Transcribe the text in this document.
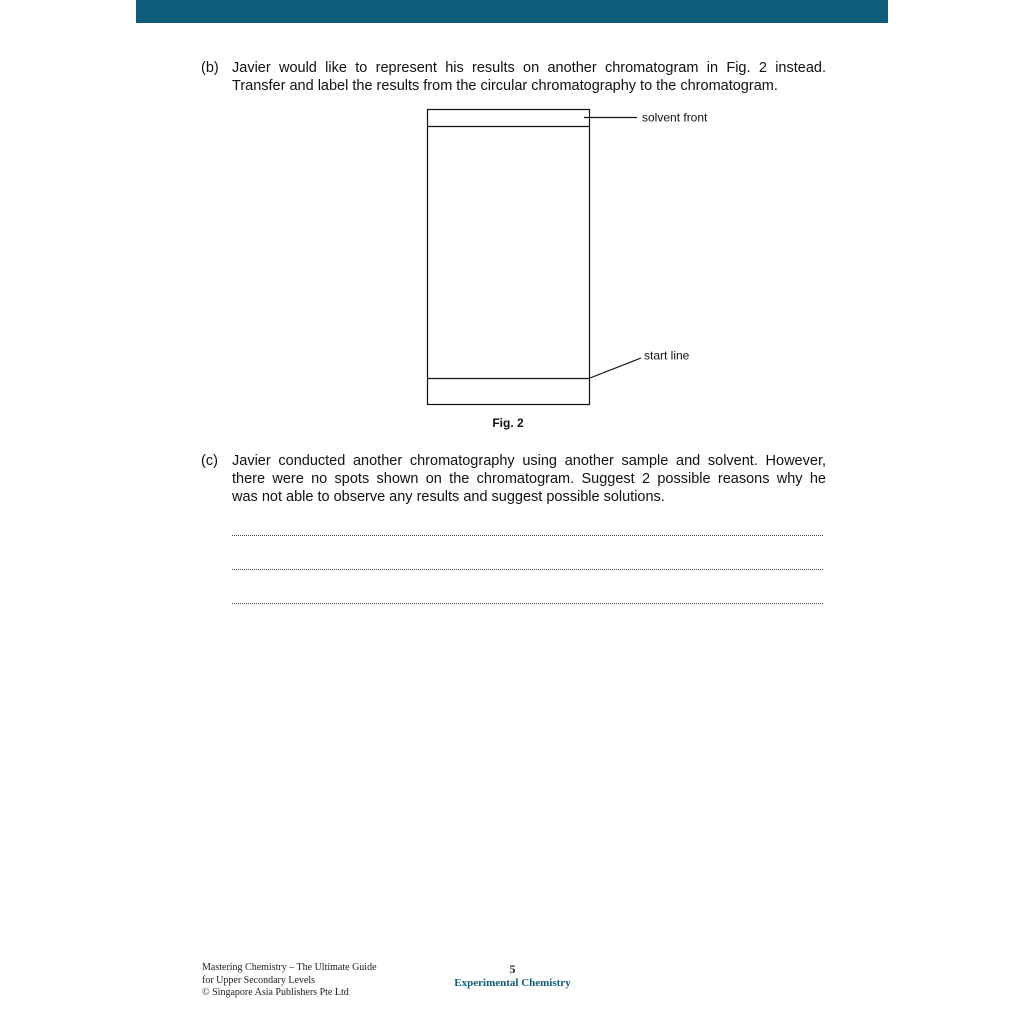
(b) Javier would like to represent his results on another chromatogram in Fig. 2 instead.
Transfer and label the results from the circular chromatography to the chromatogram.
solvent front
start line
Fig. 2
(c) Javier conducted another chromatography using another sample and solvent. However,
there were no spots shown on the chromatogram. Suggest 2 possible reasons why he
was not able to observe any results and suggest possible solutions.
Mastering Chemistry – The Ultimate Guide
for Upper Secondary Levels
© Singapore Asia Publishers Pte Ltd
5
Experimental Chemistry
